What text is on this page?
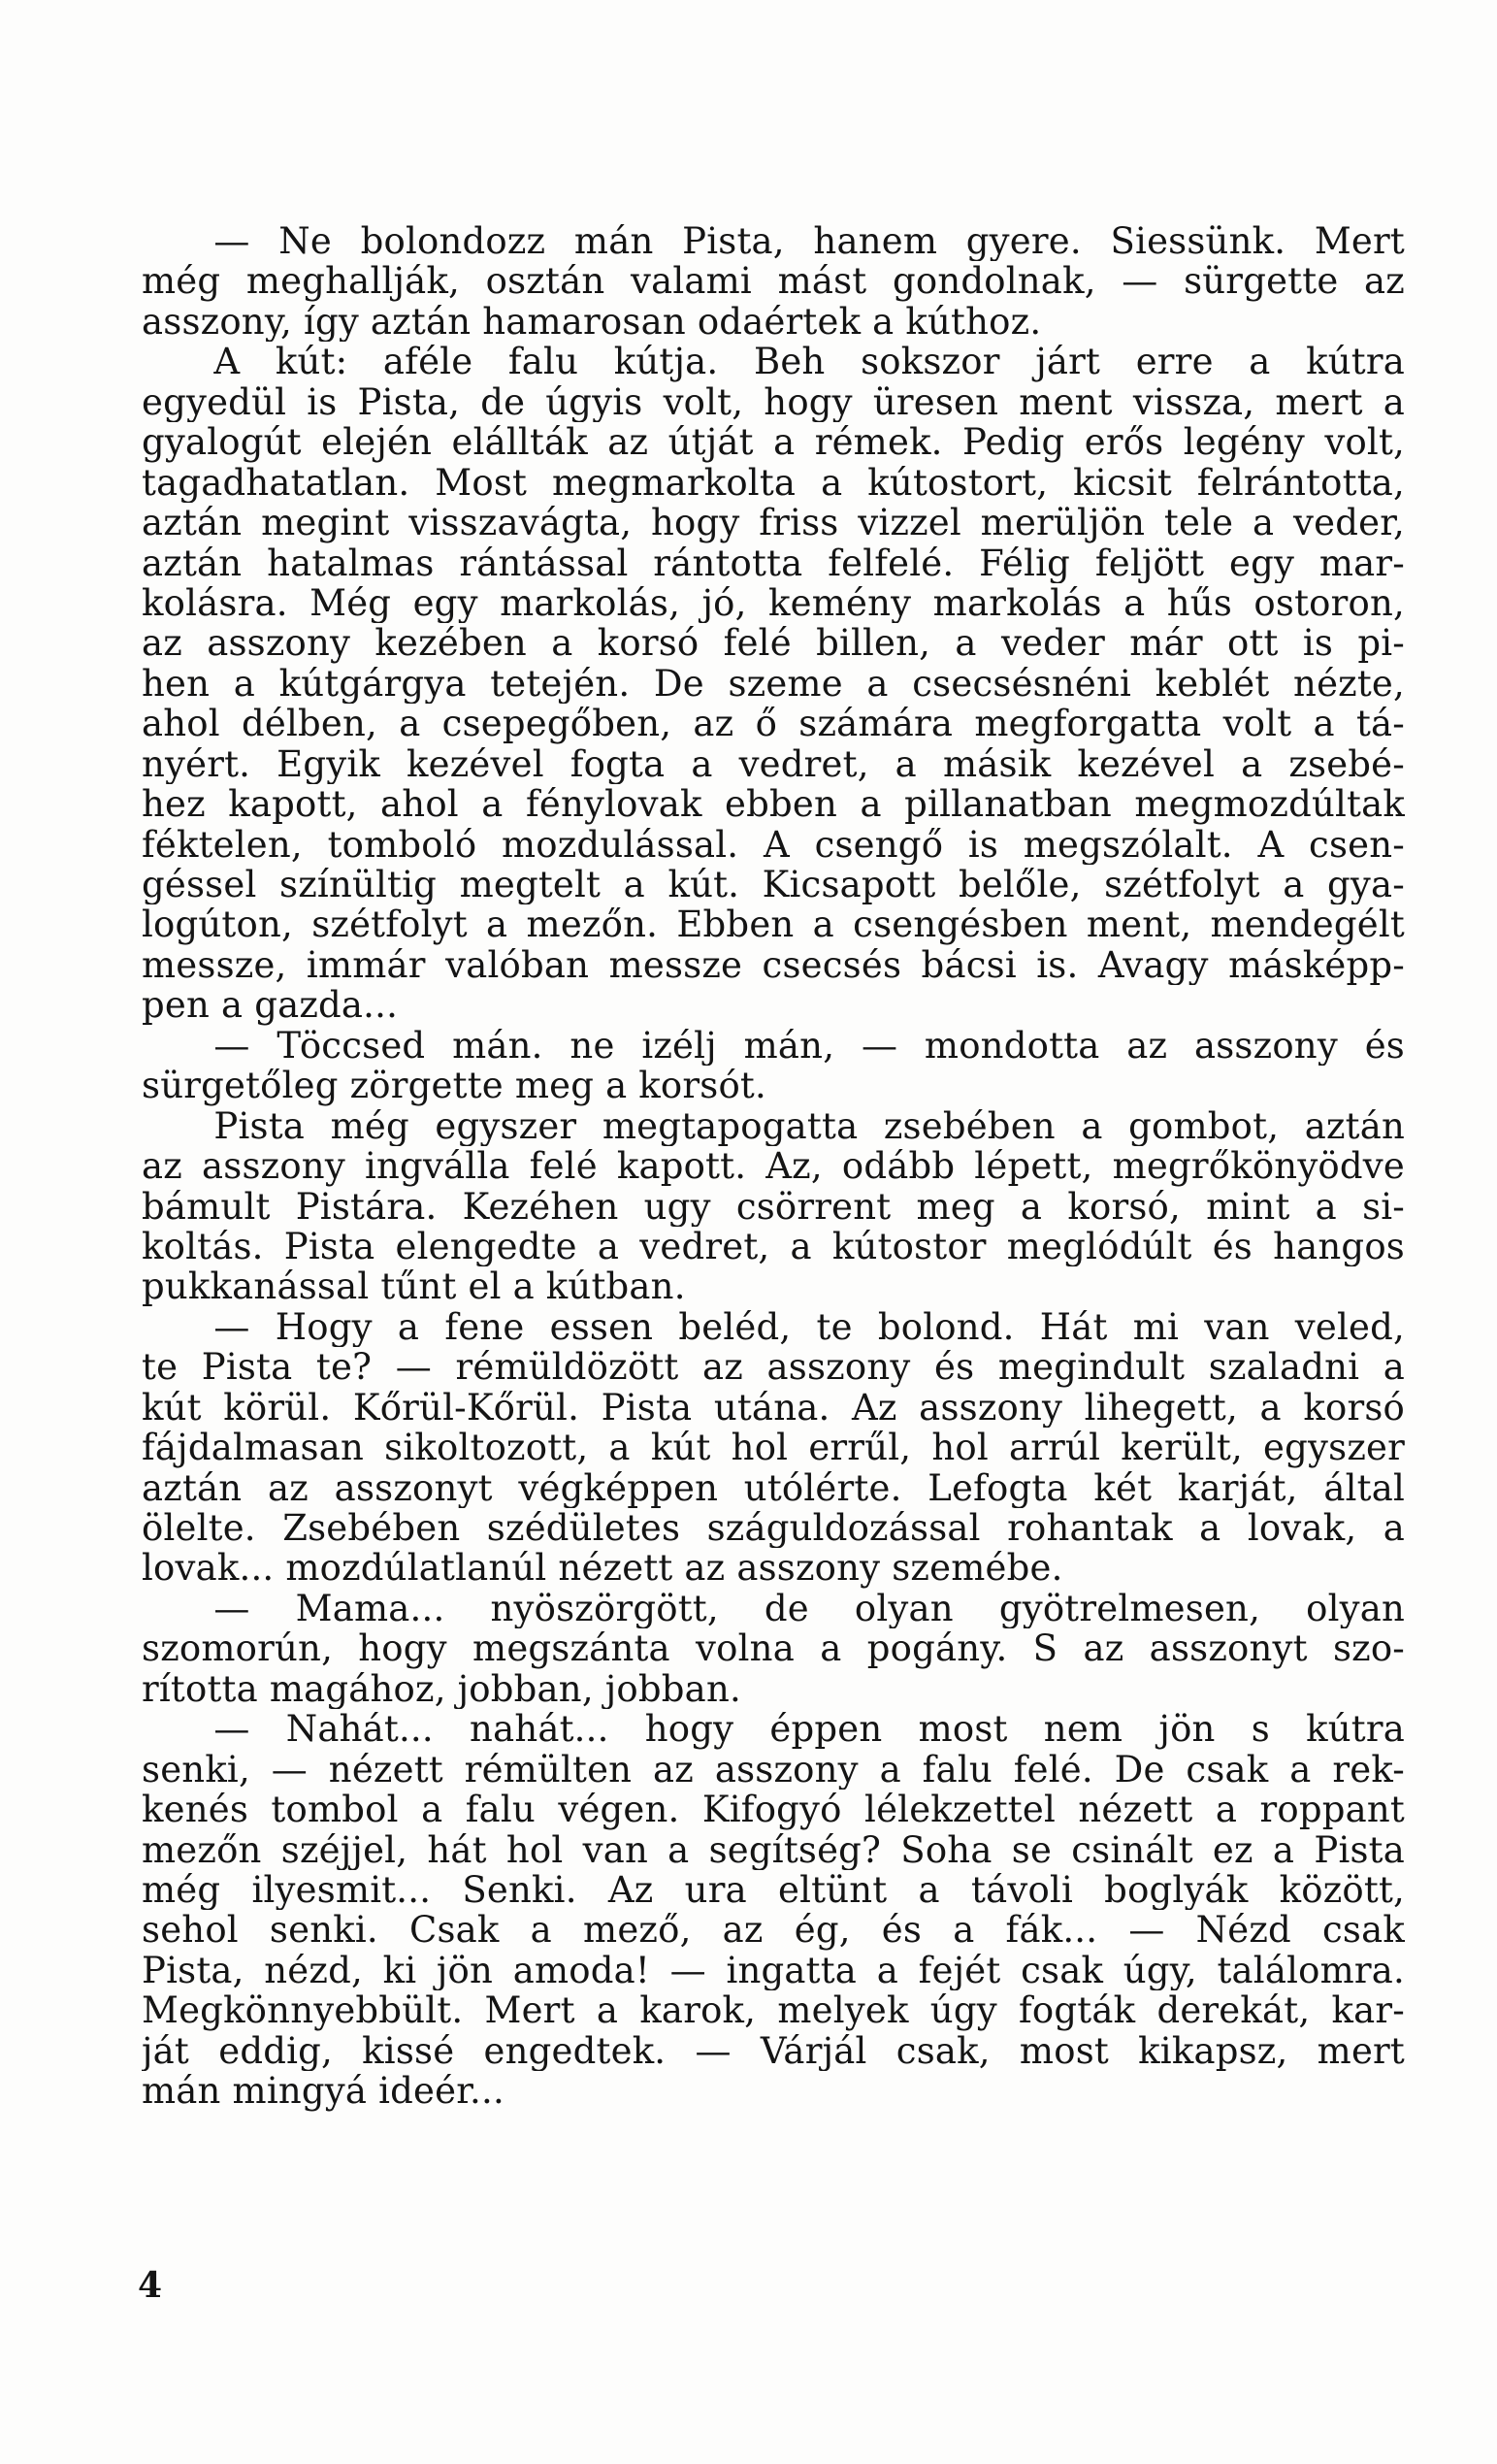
  — Ne bolondozz mán Pista, hanem gyere. Siessünk. Mert
még meghallják, osztán valami mást gondolnak, — sürgette az
asszony, így aztán hamarosan odaértek a kúthoz.
  A kút: aféle falu kútja. Beh sokszor járt erre a kútra
egyedül is Pista, de úgyis volt, hogy üresen ment vissza, mert a
gyalogút elején elállták az útját a rémek. Pedig erős legény volt,
tagadhatatlan. Most megmarkolta a kútostort, kicsit felrántotta,
aztán megint visszavágta, hogy friss vizzel merüljön tele a veder,
aztán hatalmas rántással rántotta felfelé. Félig feljött egy mar-
kolásra. Még egy markolás, jó, kemény markolás a hűs ostoron,
az asszony kezében a korsó felé billen, a veder már ott is pi-
hen a kútgárgya tetején. De szeme a csecsésnéni keblét nézte,
ahol délben, a csepegőben, az ő számára megforgatta volt a tá-
nyért. Egyik kezével fogta a vedret, a másik kezével a zsebé-
hez kapott, ahol a fénylovak ebben a pillanatban megmozdúltak
féktelen, tomboló mozdulással. A csengő is megszólalt. A csen-
géssel színültig megtelt a kút. Kicsapott belőle, szétfolyt a gya-
logúton, szétfolyt a mezőn. Ebben a csengésben ment, mendegélt
messze, immár valóban messze csecsés bácsi is. Avagy másképp-
pen a gazda...
  — Töccsed mán. ne izélj mán, — mondotta az asszony és
sürgetőleg zörgette meg a korsót.
  Pista még egyszer megtapogatta zsebében a gombot, aztán
az asszony ingválla felé kapott. Az, odább lépett, megrőkönyödve
bámult Pistára. Kezéhen ugy csörrent meg a korsó, mint a si-
koltás. Pista elengedte a vedret, a kútostor meglódúlt és hangos
pukkanással tűnt el a kútban.
  — Hogy a fene essen beléd, te bolond. Hát mi van veled,
te Pista te? — rémüldözött az asszony és megindult szaladni a
kút körül. Kőrül-Kőrül. Pista utána. Az asszony lihegett, a korsó
fájdalmasan sikoltozott, a kút hol errűl, hol arrúl került, egyszer
aztán az asszonyt végképpen utólérte. Lefogta két karját, által
ölelte. Zsebében szédületes száguldozással rohantak a lovak, a
lovak... mozdúlatlanúl nézett az asszony szemébe.
  — Mama... nyöszörgött, de olyan gyötrelmesen, olyan
szomorún, hogy megszánta volna a pogány. S az asszonyt szo-
rította magához, jobban, jobban.
  — Nahát... nahát... hogy éppen most nem jön s kútra
senki, — nézett rémülten az asszony a falu felé. De csak a rek-
kenés tombol a falu végen. Kifogyó lélekzettel nézett a roppant
mezőn széjjel, hát hol van a segítség? Soha se csinált ez a Pista
még ilyesmit... Senki. Az ura eltünt a távoli boglyák között,
sehol senki. Csak a mező, az ég, és a fák... — Nézd csak
Pista, nézd, ki jön amoda! — ingatta a fejét csak úgy, találomra.
Megkönnyebbült. Mert a karok, melyek úgy fogták derekát, kar-
ját eddig, kissé engedtek. — Várjál csak, most kikapsz, mert
mán mingyá ideér...
4
